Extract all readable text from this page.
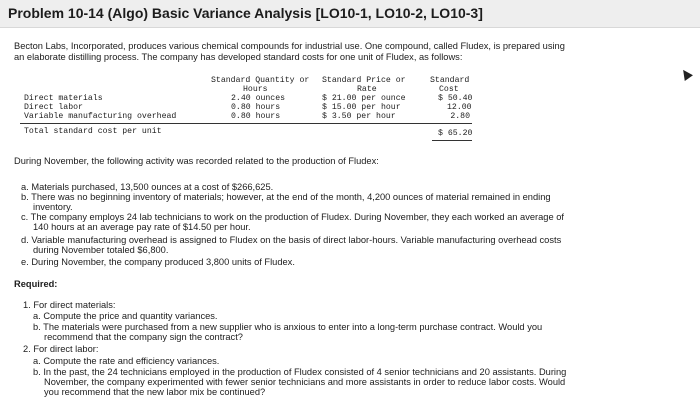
Problem 10-14 (Algo) Basic Variance Analysis [LO10-1, LO10-2, LO10-3]
Becton Labs, Incorporated, produces various chemical compounds for industrial use. One compound, called Fludex, is prepared using
an elaborate distilling process. The company has developed standard costs for one unit of Fludex, as follows:
Standard Quantity or
Hours
Standard Price or
Rate
Standard
Cost
Direct materials
Direct labor
Variable manufacturing overhead
2.40 ounces
0.80 hours
0.80 hours
$ 21.00 per ounce
$ 15.00 per hour
$ 3.50 per hour
$ 50.40
12.00
2.80
Total standard cost per unit	$ 65.20
During November, the following activity was recorded related to the production of Fludex:
a. Materials purchased, 13,500 ounces at a cost of $266,625.
b. There was no beginning inventory of materials; however, at the end of the month, 4,200 ounces of material remained in ending
inventory.
c. The company employs 24 lab technicians to work on the production of Fludex. During November, they each worked an average of
140 hours at an average pay rate of $14.50 per hour.
d. Variable manufacturing overhead is assigned to Fludex on the basis of direct labor-hours. Variable manufacturing overhead costs
during November totaled $6,800.
e. During November, the company produced 3,800 units of Fludex.
Required:
1. For direct materials:
a. Compute the price and quantity variances.
b. The materials were purchased from a new supplier who is anxious to enter into a long-term purchase contract. Would you
recommend that the company sign the contract?
2. For direct labor:
a. Compute the rate and efficiency variances.
b. In the past, the 24 technicians employed in the production of Fludex consisted of 4 senior technicians and 20 assistants. During
November, the company experimented with fewer senior technicians and more assistants in order to reduce labor costs. Would
you recommend that the new labor mix be continued?
